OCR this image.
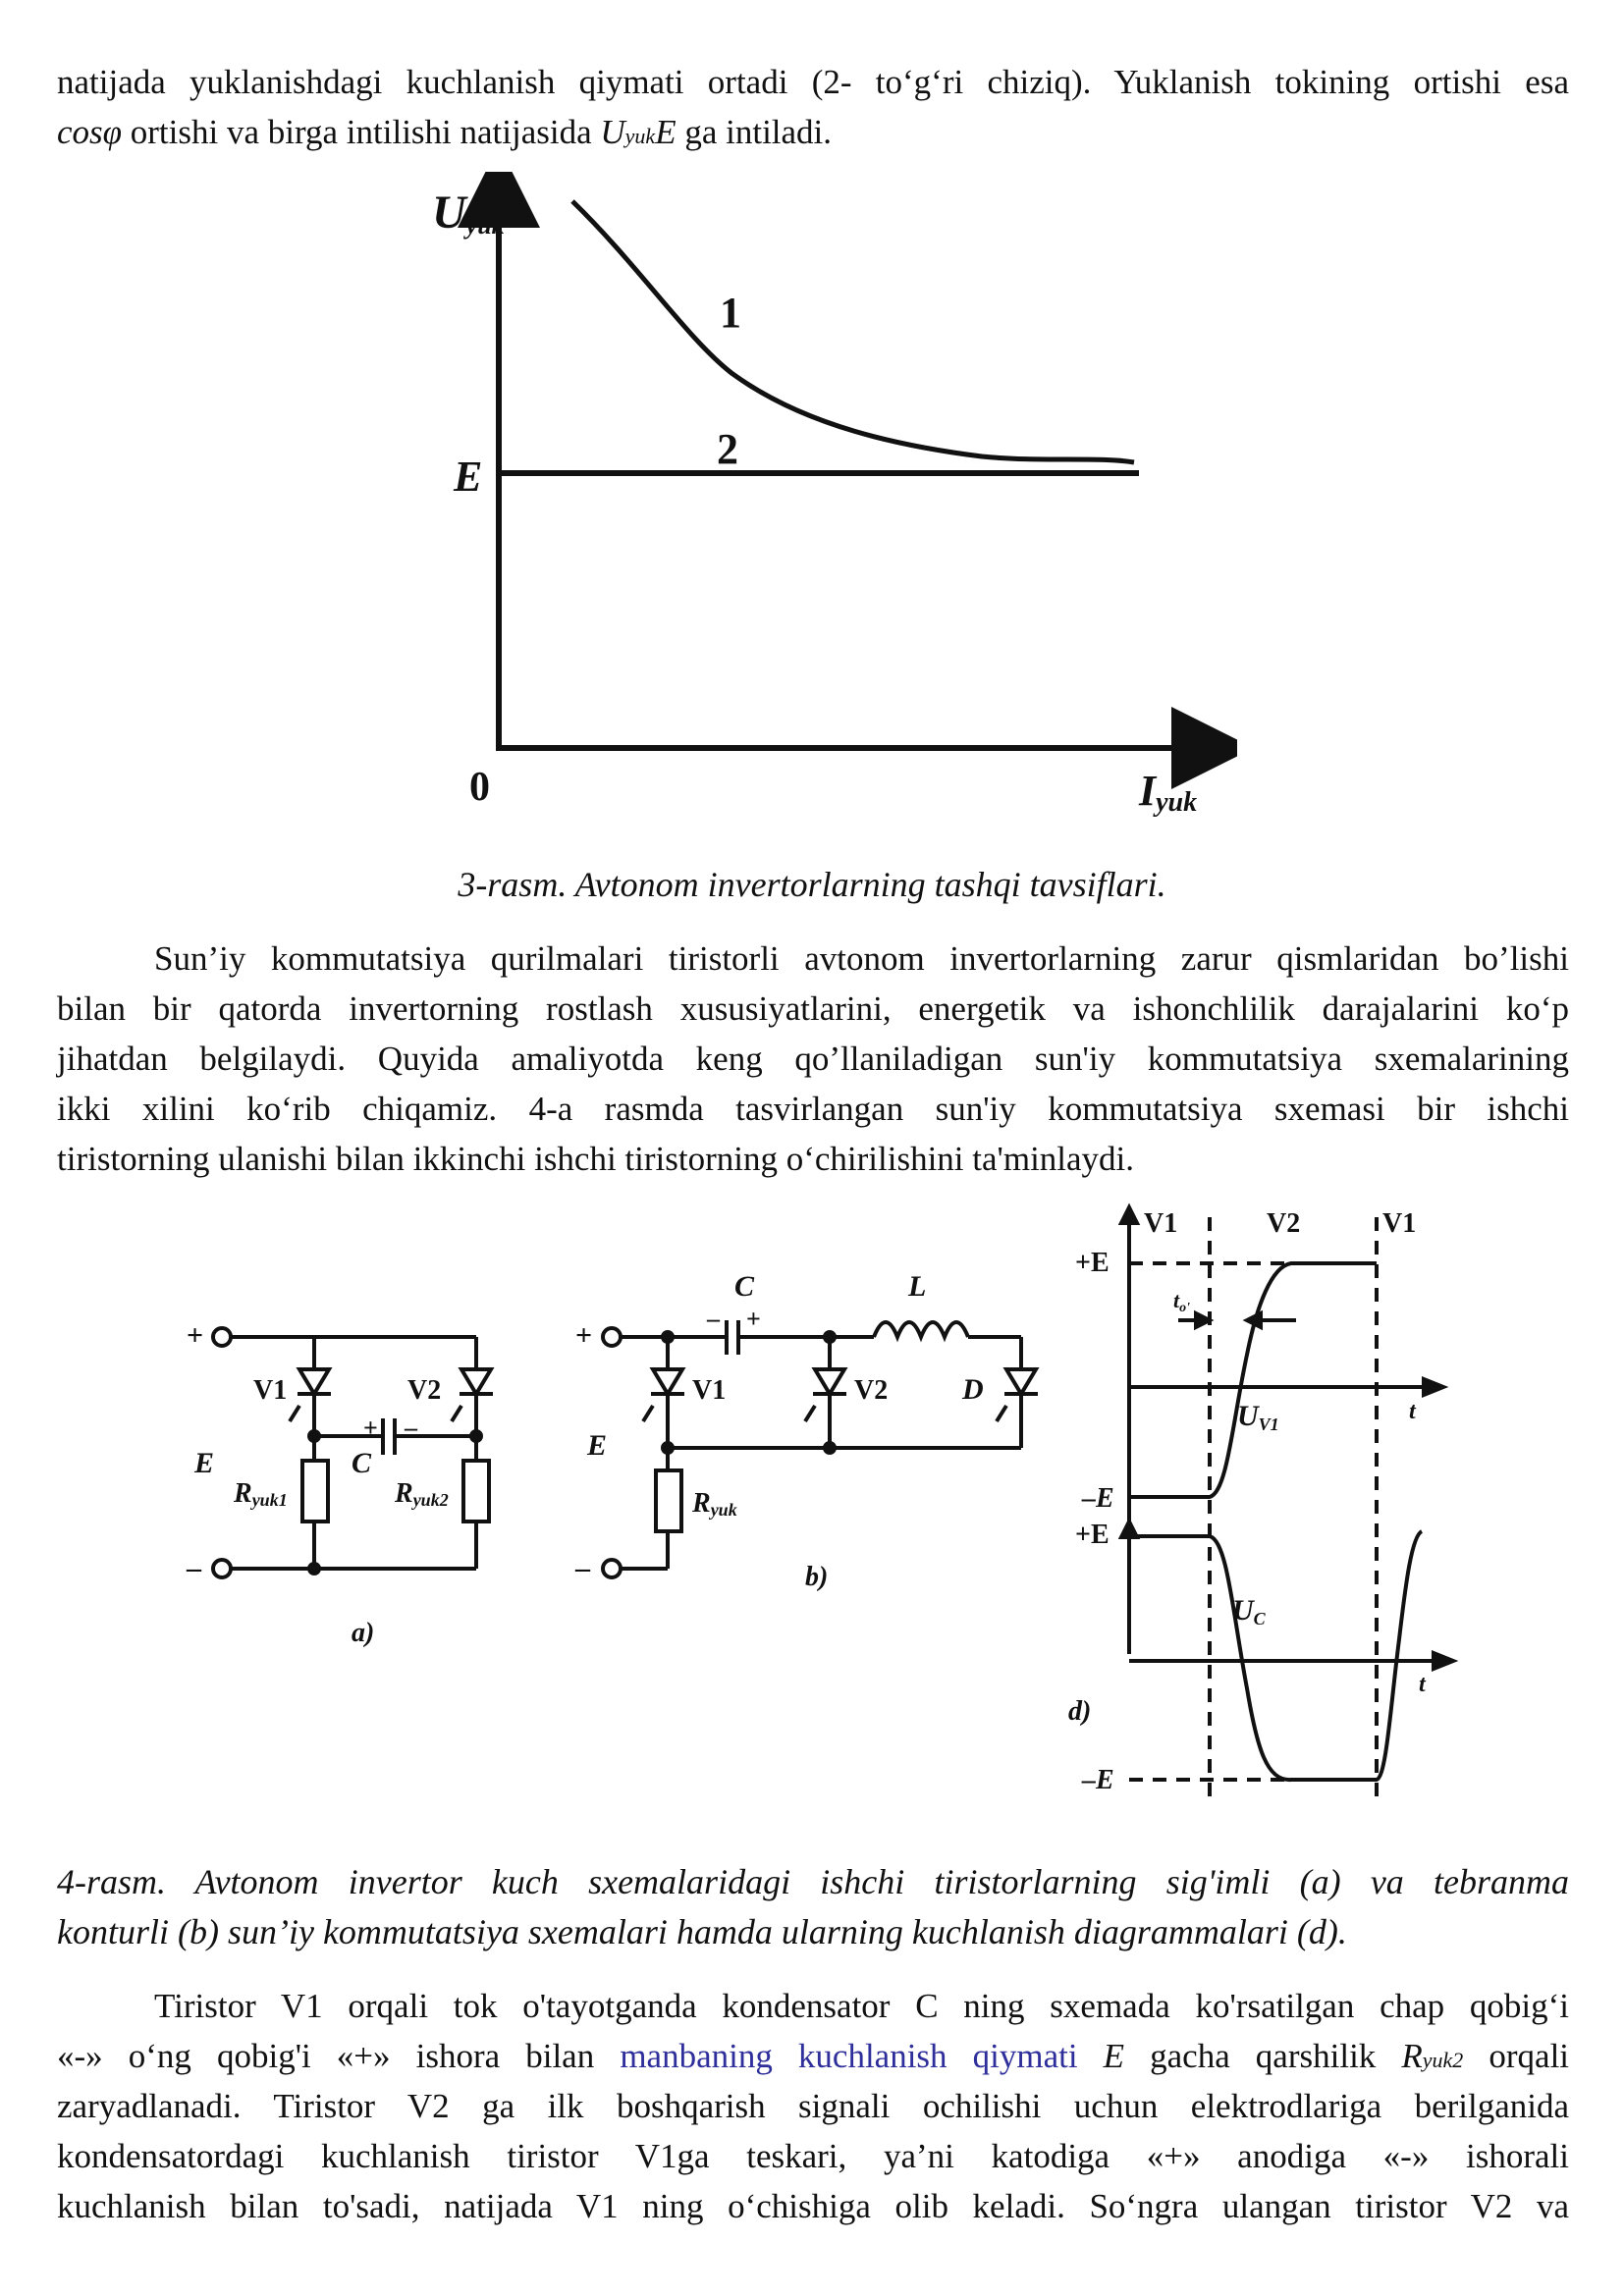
natijada yuklanishdagi kuchlanish qiymati ortadi (2- to‘g‘ri chiziq). Yuklanish tokining ortishi esa
cosφ ortishi va birga intilishi natijasida UyukE ga intiladi.
Uyuk
E
0	Iyuk
1
2
3-rasm. Avtonom invertorlarning tashqi tavsiflari.
Sun’iy kommutatsiya qurilmalari tiristorli avtonom invertorlarning zarur qismlaridan bo’lishi
bilan bir qatorda invertorning rostlash xususiyatlarini, energetik va ishonchlilik darajalarini ko‘p
jihatdan belgilaydi. Quyida amaliyotda keng qo’llaniladigan sun'iy kommutatsiya sxemalarining
ikki xilini ko‘rib chiqamiz. 4-a rasmda tasvirlangan sun'iy kommutatsiya sxemasi bir ishchi
tiristorning ulanishi bilan ikkinchi ishchi tiristorning o‘chirilishini ta'minlaydi.
+
–
V1	V2
E	C
+ –
Ryuk1	Ryuk2
a)
+
–
C
– +
L
V1	V2	D
E
Ryuk
b)
V1	V2	V1
+E
–E
+E
–E
to'
UV1
UC
t
t
d)
4-rasm. Avtonom invertor kuch sxemalaridagi ishchi tiristorlarning sig'imli (a) va tebranma
konturli (b) sun’iy kommutatsiya sxemalari hamda ularning kuchlanish diagrammalari (d).
Tiristor V1 orqali tok o'tayotganda kondensator C ning sxemada ko'rsatilgan chap qobig‘i
«-» o‘ng qobig'i «+» ishora bilan manbaning kuchlanish qiymati E gacha qarshilik Ryuk2 orqali
zaryadlanadi. Tiristor V2 ga ilk boshqarish signali ochilishi uchun elektrodlariga berilganida
kondensatordagi kuchlanish tiristor V1ga teskari, ya’ni katodiga «+» anodiga «-» ishorali
kuchlanish bilan to'sadi, natijada V1 ning o‘chishiga olib keladi. So‘ngra ulangan tiristor V2 va
